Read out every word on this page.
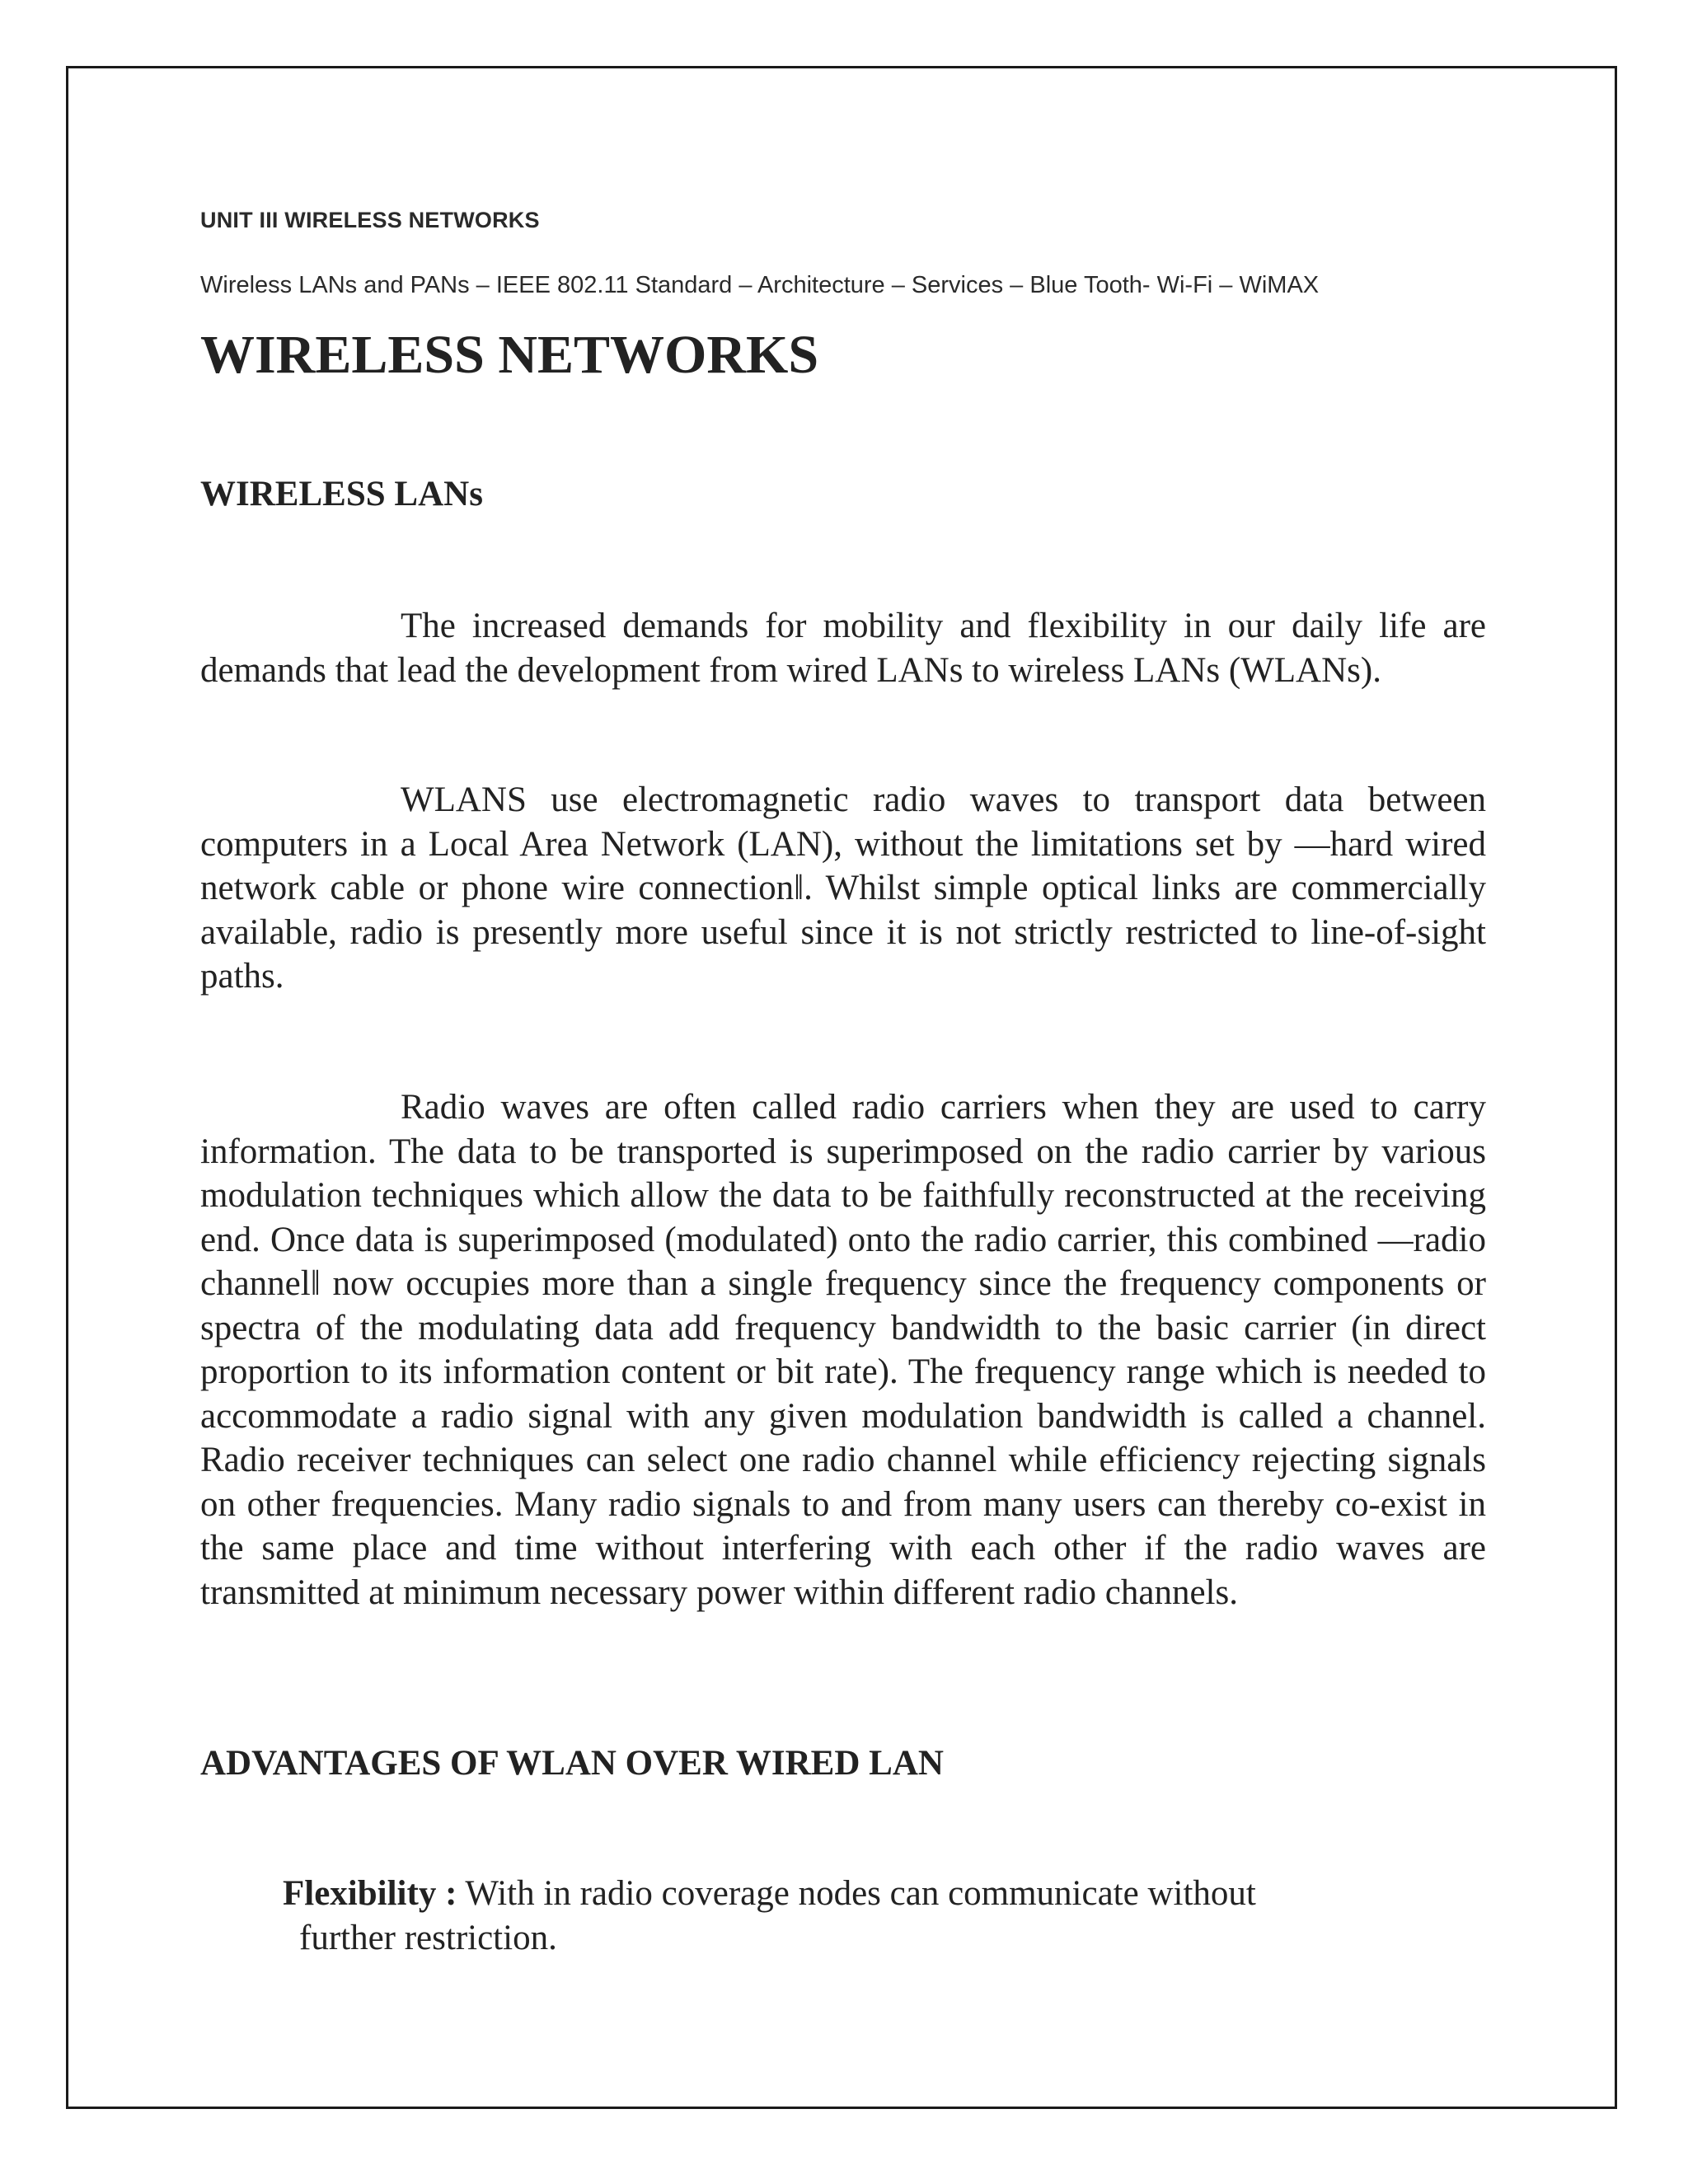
UNIT III WIRELESS NETWORKS
Wireless LANs and PANs – IEEE 802.11 Standard – Architecture – Services – Blue Tooth- Wi-Fi – WiMAX
WIRELESS NETWORKS
WIRELESS LANs

The increased demands for mobility and flexibility in our daily life are demands that lead the development from wired LANs to wireless LANs (WLANs).

WLANS use electromagnetic radio waves to transport data between computers in a Local Area Network (LAN), without the limitations set by ―hard wired network cable or phone wire connection‖. Whilst simple optical links are commercially available, radio is presently more useful since it is not strictly restricted to line-of-sight paths.

Radio waves are often called radio carriers when they are used to carry information. The data to be transported is superimposed on the radio carrier by various modulation techniques which allow the data to be faithfully reconstructed at the receiving end. Once data is superimposed (modulated) onto the radio carrier, this combined ―radio channel‖ now occupies more than a single frequency since the frequency components or spectra of the modulating data add frequency bandwidth to the basic carrier (in direct proportion to its information content or bit rate). The frequency range which is needed to accommodate a radio signal with any given modulation bandwidth is called a channel. Radio receiver techniques can select one radio channel while efficiency rejecting signals on other frequencies. Many radio signals to and from many users can thereby co-exist in the same place and time without interfering with each other if the radio waves are transmitted at minimum necessary power within different radio channels.

ADVANTAGES OF WLAN OVER WIRED LAN

Flexibility : With in radio coverage nodes can communicate without
further restriction.
